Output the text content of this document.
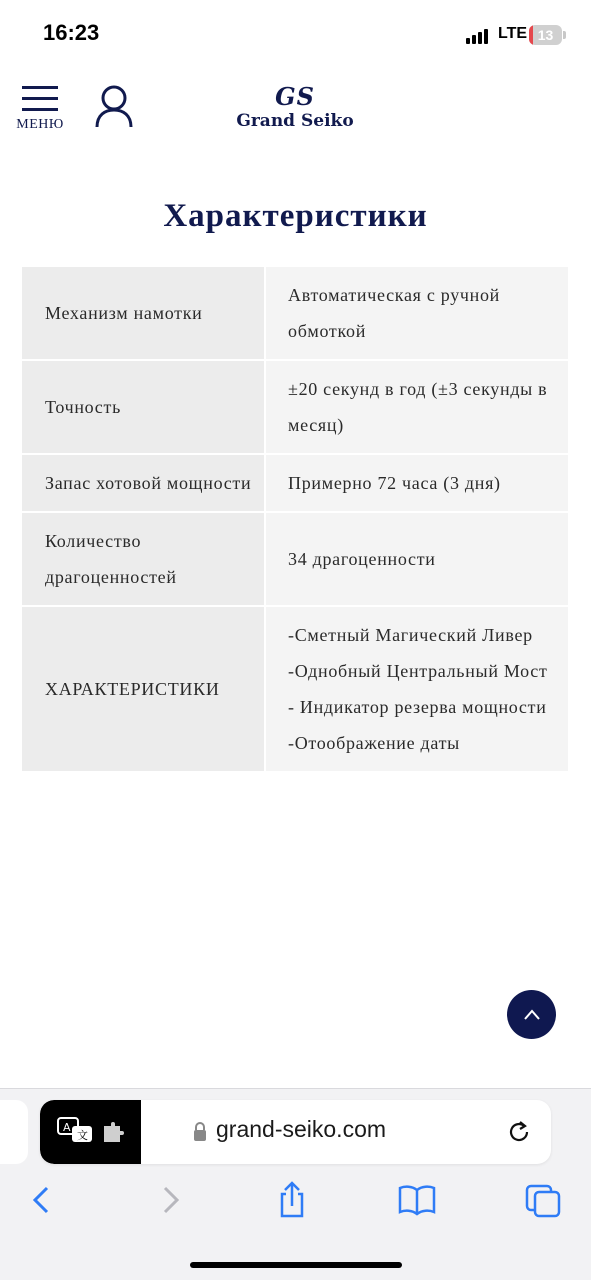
16:23	LTE 13
МЕНЮ
GS
Grand Seiko
Характеристики
Механизм намотки	Автоматическая с ручной обмоткой

Точность	±20 секунд в год (±3 секунды в месяц)

Запас хотовой мощности	Примерно 72 часа (3 дня)

Количество драгоценностей	34 драгоценности

ХАРАКТЕРИСТИКИ	-Сметный Магический Ливер
-Однобный Центральный Мост
- Индикатор резерва мощности
-Отоображение даты
A
文	grand-seiko.com
